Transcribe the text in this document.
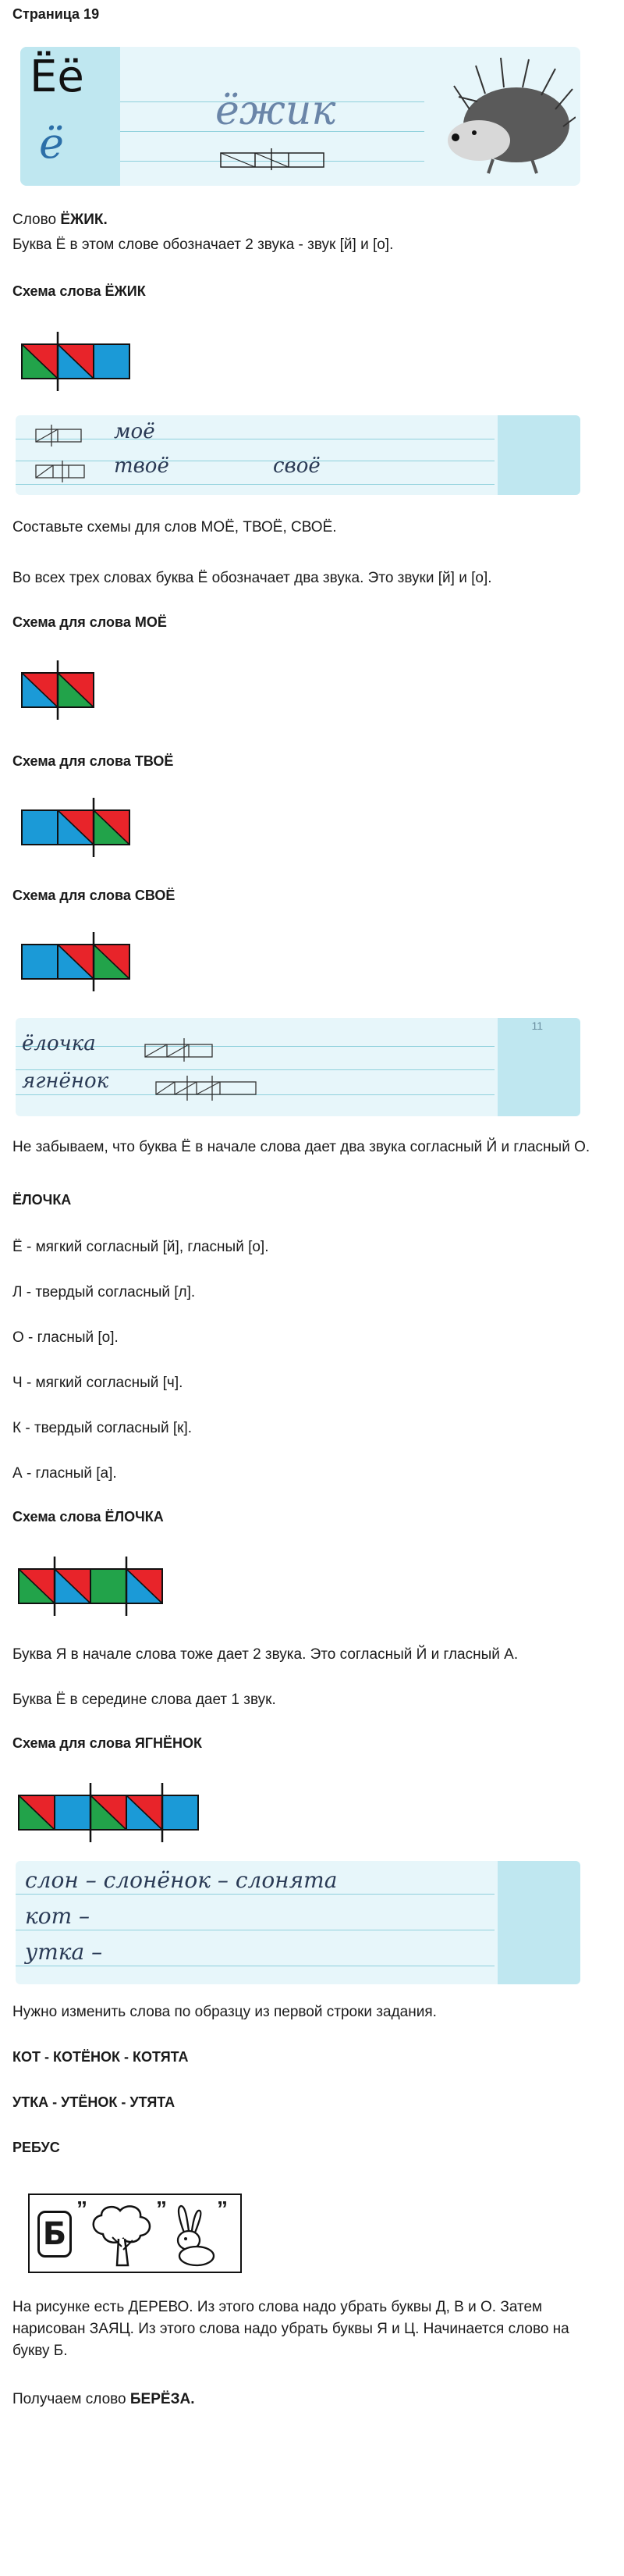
Страница 19
Ёё
ё
ёжик
Слово ЁЖИК.
Буква Ё в этом слове обозначает 2 звука - звук [й] и [о].
Схема слова ЁЖИК
моё
твоё	своё
Составьте схемы для слов МОЁ, ТВОЁ, СВОЁ.
Во всех трех словах буква Ё обозначает два звука. Это звуки [й] и [о].
Схема для слова МОЁ
Схема для слова ТВОЁ
Схема для слова СВОЁ
11
ёлочка
ягнёнок
Не забываем, что буква Ё в начале слова дает два звука согласный Й и гласный О.
ЁЛОЧКА
Ё - мягкий согласный [й], гласный [о].
Л - твердый согласный [л].
О - гласный [о].
Ч - мягкий согласный [ч].
К - твердый согласный [к].
А - гласный [а].
Схема слова ЁЛОЧКА
Буква Я в начале слова тоже дает 2 звука. Это согласный Й и гласный А.
Буква Ё в середине слова дает 1 звук.
Схема для слова ЯГНЁНОК
слон – слонёнок – слонята
кот –
утка –
Нужно изменить слова по образцу из первой строки задания.
КОТ - КОТЁНОК - КОТЯТА
УТКА - УТЁНОК - УТЯТА
РЕБУС
Б
”	” ”
На рисунке есть ДЕРЕВО. Из этого слова надо убрать буквы Д, В и О. Затем нарисован ЗАЯЦ. Из этого слова надо убрать буквы Я и Ц. Начинается слово на букву Б.
Получаем слово БЕРЁЗА.
